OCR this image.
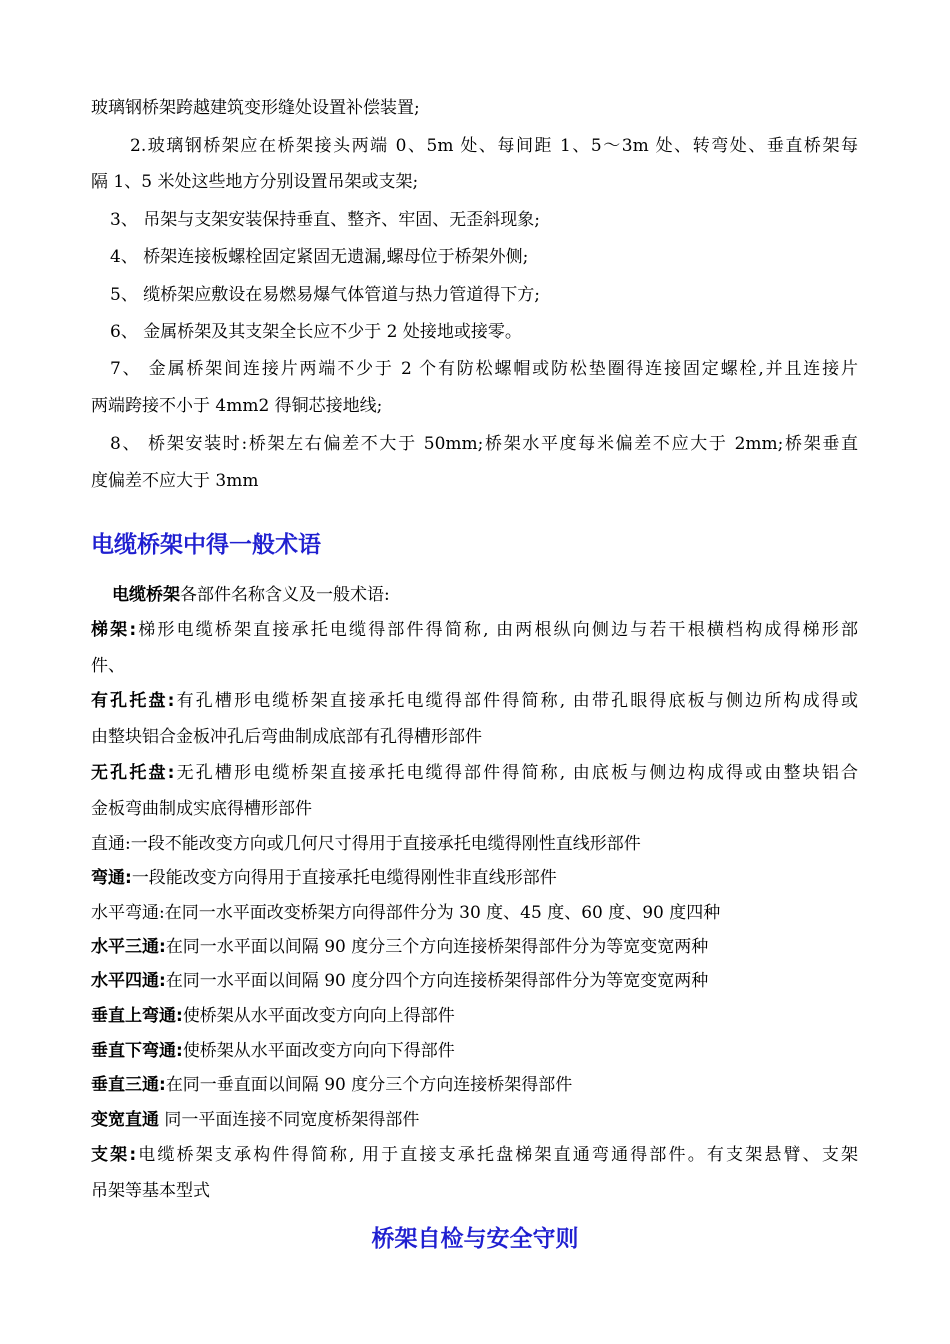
玻璃钢桥架跨越建筑变形缝处设置补偿装置;
2.玻璃钢桥架应在桥架接头两端 0、5m 处、每间距 1、5～3m 处、转弯处、垂直桥架每
隔 1、5 米处这些地方分别设置吊架或支架;
3、 吊架与支架安装保持垂直、整齐、牢固、无歪斜现象;
4、 桥架连接板螺栓固定紧固无遗漏,螺母位于桥架外侧;
5、 缆桥架应敷设在易燃易爆气体管道与热力管道得下方;
6、 金属桥架及其支架全长应不少于 2 处接地或接零。
7、 金属桥架间连接片两端不少于 2 个有防松螺帽或防松垫圈得连接固定螺栓,并且连接片
两端跨接不小于 4mm2 得铜芯接地线;
8、 桥架安装时:桥架左右偏差不大于 50mm;桥架水平度每米偏差不应大于 2mm;桥架垂直
度偏差不应大于 3mm
电缆桥架中得一般术语
电缆桥架各部件名称含义及一般术语:
梯架:梯形电缆桥架直接承托电缆得部件得简称, 由两根纵向侧边与若干根横档构成得梯形部
件、
有孔托盘:有孔槽形电缆桥架直接承托电缆得部件得简称, 由带孔眼得底板与侧边所构成得或
由整块铝合金板冲孔后弯曲制成底部有孔得槽形部件
无孔托盘:无孔槽形电缆桥架直接承托电缆得部件得简称, 由底板与侧边构成得或由整块铝合
金板弯曲制成实底得槽形部件
直通:一段不能改变方向或几何尺寸得用于直接承托电缆得刚性直线形部件
弯通:一段能改变方向得用于直接承托电缆得刚性非直线形部件
水平弯通:在同一水平面改变桥架方向得部件分为 30 度、45 度、60 度、90 度四种
水平三通:在同一水平面以间隔 90 度分三个方向连接桥架得部件分为等宽变宽两种
水平四通:在同一水平面以间隔 90 度分四个方向连接桥架得部件分为等宽变宽两种
垂直上弯通:使桥架从水平面改变方向向上得部件
垂直下弯通:使桥架从水平面改变方向向下得部件
垂直三通:在同一垂直面以间隔 90 度分三个方向连接桥架得部件
变宽直通 同一平面连接不同宽度桥架得部件
支架:电缆桥架支承构件得简称, 用于直接支承托盘梯架直通弯通得部件。有支架悬臂、支架
吊架等基本型式
桥架自检与安全守则
